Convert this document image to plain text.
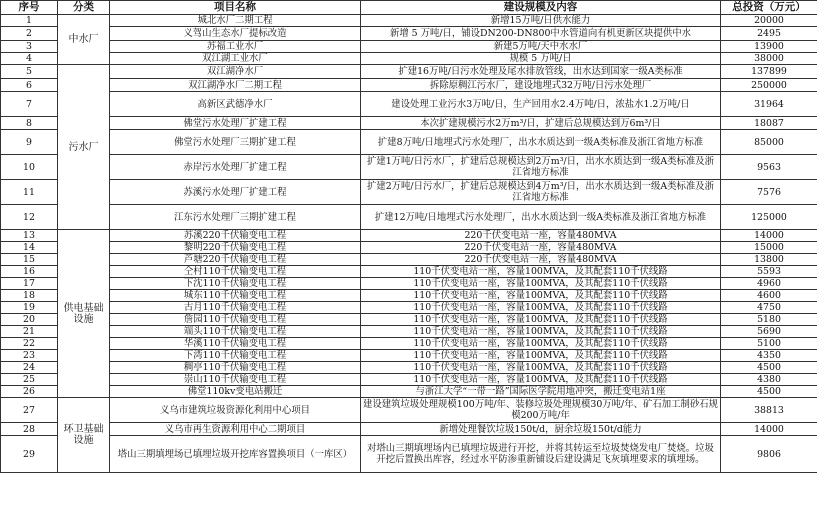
序号	分类	项目名称	建设规模及内容	总投资（万元）
1	中水厂	城北水厂二期工程	新增15万吨/日供水能力	20000
2		义驾山生态水厂提标改造	新增 5 万吨/日，铺设DN200-DN800中水管道向有机更新区块提供中水	2495
3		苏福工业水厂	新建5万吨/天中水水厂	13900
4		双江湖工业水厂	规模 5 万吨/日	38000
5	污水厂	双江湖净水厂	扩建16万吨/日污水处理及尾水排放管线，出水达到国家一级A类标准	137899
6		双江湖净水厂二期工程	拆除原稠江污水厂，建设地埋式32万吨/日污水处理厂	250000
7		高新区武德净水厂	建设处理工业污水3万吨/日，生产回用水2.4万吨/日，浓盐水1.2万吨/日	31964
8		佛堂污水处理厂扩建工程	本次扩建规模污水2万m³/日，扩建后总规模达到万6m³/日	18087
9		佛堂污水处理厂三期扩建工程	扩建8万吨/日地埋式污水处理厂，出水水质达到一级A类标准及浙江省地方标准	85000
10		赤岸污水处理厂扩建工程	扩建1万吨/日污水厂，扩建后总规模达到2万m³/日，出水水质达到一级A类标准及浙江省地方标准	9563
11		苏溪污水处理厂扩建工程	扩建2万吨/日污水厂，扩建后总规模达到4万m³/日，出水水质达到一级A类标准及浙江省地方标准	7576
12		江东污水处理厂三期扩建工程	扩建12万吨/日地埋式污水处理厂，出水水质达到一级A类标准及浙江省地方标准	125000
13	供电基础设施	苏溪220千伏输变电工程	220千伏变电站一座，容量480MVA	14000
14		黎明220千伏输变电工程	220千伏变电站一座，容量480MVA	15000
15		芦塘220千伏输变电工程	220千伏变电站一座，容量480MVA	13800
16		仝村110千伏输变电工程	110千伏变电站一座，容量100MVA，及其配套110千伏线路	5593
17		下沈110千伏输变电工程	110千伏变电站一座，容量100MVA，及其配套110千伏线路	4960
18		城东110千伏输变电工程	110千伏变电站一座，容量100MVA，及其配套110千伏线路	4600
19		古月110千伏输变电工程	110千伏变电站一座，容量100MVA，及其配套110千伏线路	4750
20		詹园110千伏输变电工程	110千伏变电站一座，容量100MVA，及其配套110千伏线路	5180
21		端头110千伏输变电工程	110千伏变电站一座，容量100MVA，及其配套110千伏线路	5690
22		华溪110千伏输变电工程	110千伏变电站一座，容量100MVA，及其配套110千伏线路	5100
23		下湾110千伏输变电工程	110千伏变电站一座，容量100MVA，及其配套110千伏线路	4350
24		稠亭110千伏输变电工程	110千伏变电站一座，容量100MVA，及其配套110千伏线路	4500
25		崇山110千伏输变电工程	110千伏变电站一座，容量100MVA，及其配套110千伏线路	4380
26		佛堂110kv变电站搬迁	与浙江大学“一带一路”国际医学院用地冲突，搬迁变电站1座	4500
27	环卫基础设施	义乌市建筑垃圾资源化利用中心项目	建设建筑垃圾处理规模100万吨/年、装修垃圾处理规模30万吨/年、矿石加工制砂石规模200万吨/年	38813
28		义乌市再生资源利用中心二期项目	新增处理餐饮垃圾150t/d，厨余垃圾150t/d能力	14000
29		塔山三期填埋场已填埋垃圾开挖库容置换项目（一库区）	对塔山三期填埋场内已填埋垃圾进行开挖，并将其转运至垃圾焚烧发电厂焚烧。垃圾开挖后置换出库容，经过水平防渗重新铺设后建设满足飞灰填埋要求的填埋场。	9806
